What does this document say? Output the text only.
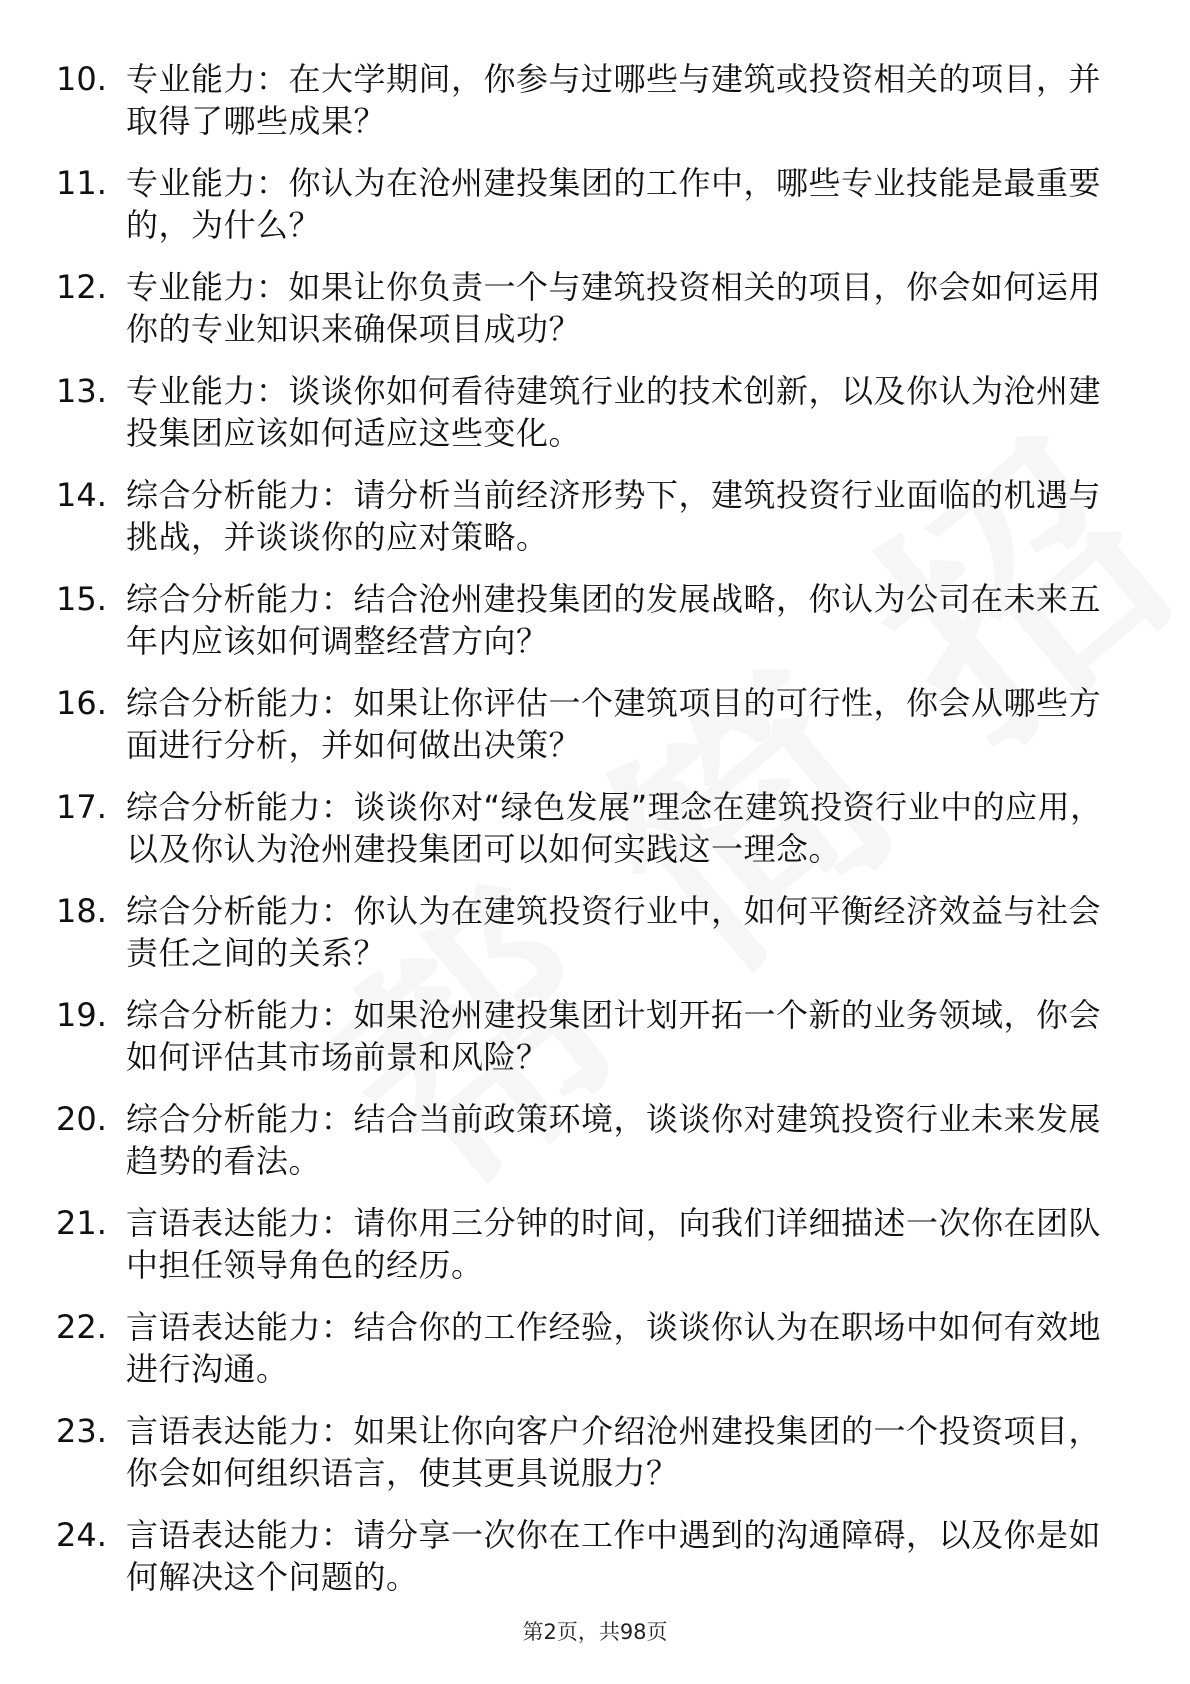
10. 专业能力：在大学期间，你参与过哪些与建筑或投资相关的项目，并取得了哪些成果？
11. 专业能力：你认为在沧州建投集团的工作中，哪些专业技能是最重要的，为什么？
12. 专业能力：如果让你负责一个与建筑投资相关的项目，你会如何运用你的专业知识来确保项目成功？
13. 专业能力：谈谈你如何看待建筑行业的技术创新，以及你认为沧州建投集团应该如何适应这些变化。
14. 综合分析能力：请分析当前经济形势下，建筑投资行业面临的机遇与挑战，并谈谈你的应对策略。
15. 综合分析能力：结合沧州建投集团的发展战略，你认为公司在未来五年内应该如何调整经营方向？
16. 综合分析能力：如果让你评估一个建筑项目的可行性，你会从哪些方面进行分析，并如何做出决策？
17. 综合分析能力：谈谈你对“绿色发展”理念在建筑投资行业中的应用，以及你认为沧州建投集团可以如何实践这一理念。
18. 综合分析能力：你认为在建筑投资行业中，如何平衡经济效益与社会责任之间的关系？
19. 综合分析能力：如果沧州建投集团计划开拓一个新的业务领域，你会如何评估其市场前景和风险？
20. 综合分析能力：结合当前政策环境，谈谈你对建筑投资行业未来发展趋势的看法。
21. 言语表达能力：请你用三分钟的时间，向我们详细描述一次你在团队中担任领导角色的经历。
22. 言语表达能力：结合你的工作经验，谈谈你认为在职场中如何有效地进行沟通。
23. 言语表达能力：如果让你向客户介绍沧州建投集团的一个投资项目，你会如何组织语言，使其更具说服力？
24. 言语表达能力：请分享一次你在工作中遇到的沟通障碍，以及你是如何解决这个问题的。
第2页，共98页
